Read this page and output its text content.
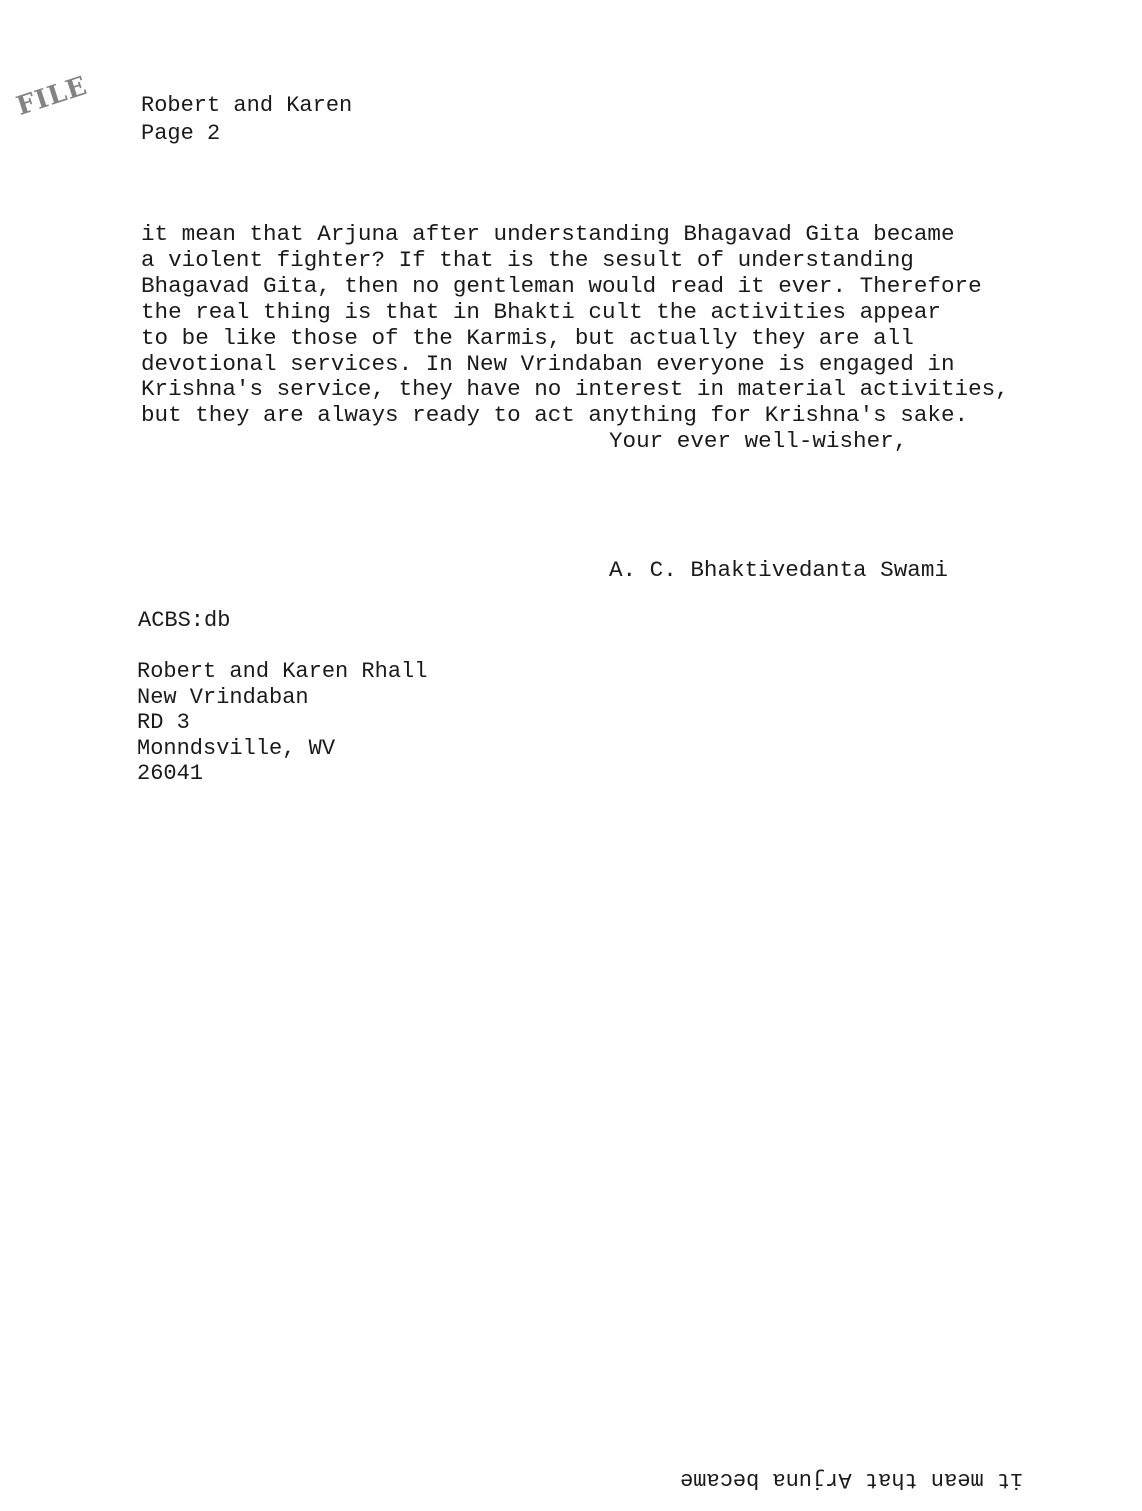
FILE	Robert and Karen
Page 2
it mean that Arjuna after understanding Bhagavad Gita became
a violent fighter? If that is the sesult of understanding
Bhagavad Gita, then no gentleman would read it ever. Therefore
the real thing is that in Bhakti cult the activities appear
to be like those of the Karmis, but actually they are all
devotional services. In New Vrindaban everyone is engaged in
Krishna's service, they have no interest in material activities,
but they are always ready to act anything for Krishna's sake.
Your ever well-wisher,
A. C. Bhaktivedanta Swami
ACBS:db
Robert and Karen Rhall
New Vrindaban
RD 3
Monndsville, WV
26041
it mean that Arjuna became
